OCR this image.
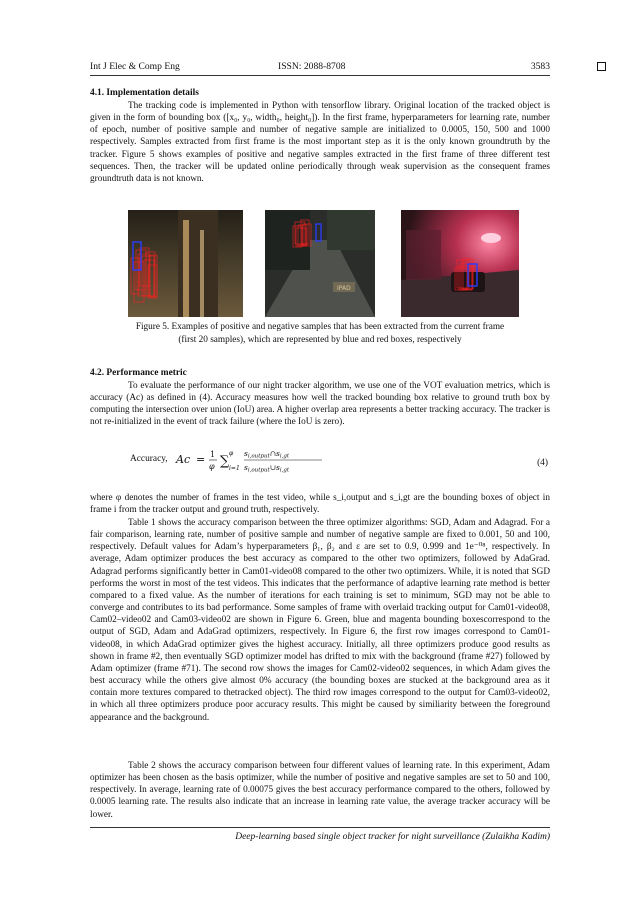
Int J Elec & Comp Eng	ISSN: 2088-8708	3583
4.1. Implementation details
The tracking code is implemented in Python with tensorflow library. Original location of the tracked object is given in the form of bounding box ([x₀, y₀, width₀, height₀]). In the first frame, hyperparameters for learning rate, number of epoch, number of positive sample and number of negative sample are initialized to 0.0005, 150, 500 and 1000 respectively. Samples extracted from first frame is the most important step as it is the only known groundtruth by the tracker. Figure 5 shows examples of positive and negative samples extracted in the first frame of three different test sequences. Then, the tracker will be updated online periodically through weak supervision as the consequent frames groundtruth data is not known.
IPAD
Figure 5. Examples of positive and negative samples that has been extracted from the current frame
(first 20 samples), which are represented by blue and red boxes, respectively
4.2. Performance metric
To evaluate the performance of our night tracker algorithm, we use one of the VOT evaluation metrics, which is accuracy (Ac) as defined in (4). Accuracy measures how well the tracked bounding box relative to ground truth box by computing the intersection over union (IoU) area. A higher overlap area represents a better tracking accuracy. The tracker is not re-initialized in the event of track failure (where the IoU is zero).
Accuracy, Ac = 1
φ ∑
φ
i=1
$s_{i,output}\cap s_{i,gt}$
$s_{i,output}\cup s_{i,gt}$
(4)
where φ denotes the number of frames in the test video, while s_i,output and s_i,gt are the bounding boxes of object in frame i from the tracker output and ground truth, respectively.
Table 1 shows the accuracy comparison between the three optimizer algorithms: SGD, Adam and Adagrad. For a fair comparison, learning rate, number of positive sample and number of negative sample are fixed to 0.001, 50 and 100, respectively. Default values for Adam’s hyperparameters β₁, β₂ and ε are set to 0.9, 0.999 and 1e⁻⁰⁸, respectively. In average, Adam optimizer produces the best accuracy as compared to the other two optimizers, followed by AdaGrad. Adagrad performs significantly better in Cam01-video08 compared to the other two optimizers. While, it is noted that SGD performs the worst in most of the test videos. This indicates that the performance of adaptive learning rate method is better compared to a fixed value. As the number of iterations for each training is set to minimum, SGD may not be able to converge and contributes to its bad performance. Some samples of frame with overlaid tracking output for Cam01-video08, Cam02–video02 and Cam03-video02 are shown in Figure 6. Green, blue and magenta bounding boxescorrespond to the output of SGD, Adam and AdaGrad optimizers, respectively. In Figure 6, the first row images correspond to Cam01-video08, in which AdaGrad optimizer gives the highest accuracy. Initially, all three optimizers produce good results as shown in frame #2, then eventually SGD optimizer model has drifted to mix with the background (frame #27) followed by Adam optimizer (frame #71). The second row shows the images for Cam02-video02 sequences, in which Adam gives the best accuracy while the others give almost 0% accuracy (the bounding boxes are stucked at the background area as it contain more textures compared to thetracked object). The third row images correspond to the output for Cam03-video02, in which all three optimizers produce poor accuracy results. This might be caused by similiarity between the foreground appearance and the background.
Table 2 shows the accuracy comparison between four different values of learning rate. In this experiment, Adam optimizer has been chosen as the basis optimizer, while the number of positive and negative samples are set to 50 and 100, respectively. In average, learning rate of 0.00075 gives the best accuracy performance compared to the others, followed by 0.0005 learning rate. The results also indicate that an increase in learning rate value, the average tracker accuracy will be lower.
Deep-learning based single object tracker for night surveillance (Zulaikha Kadim)
